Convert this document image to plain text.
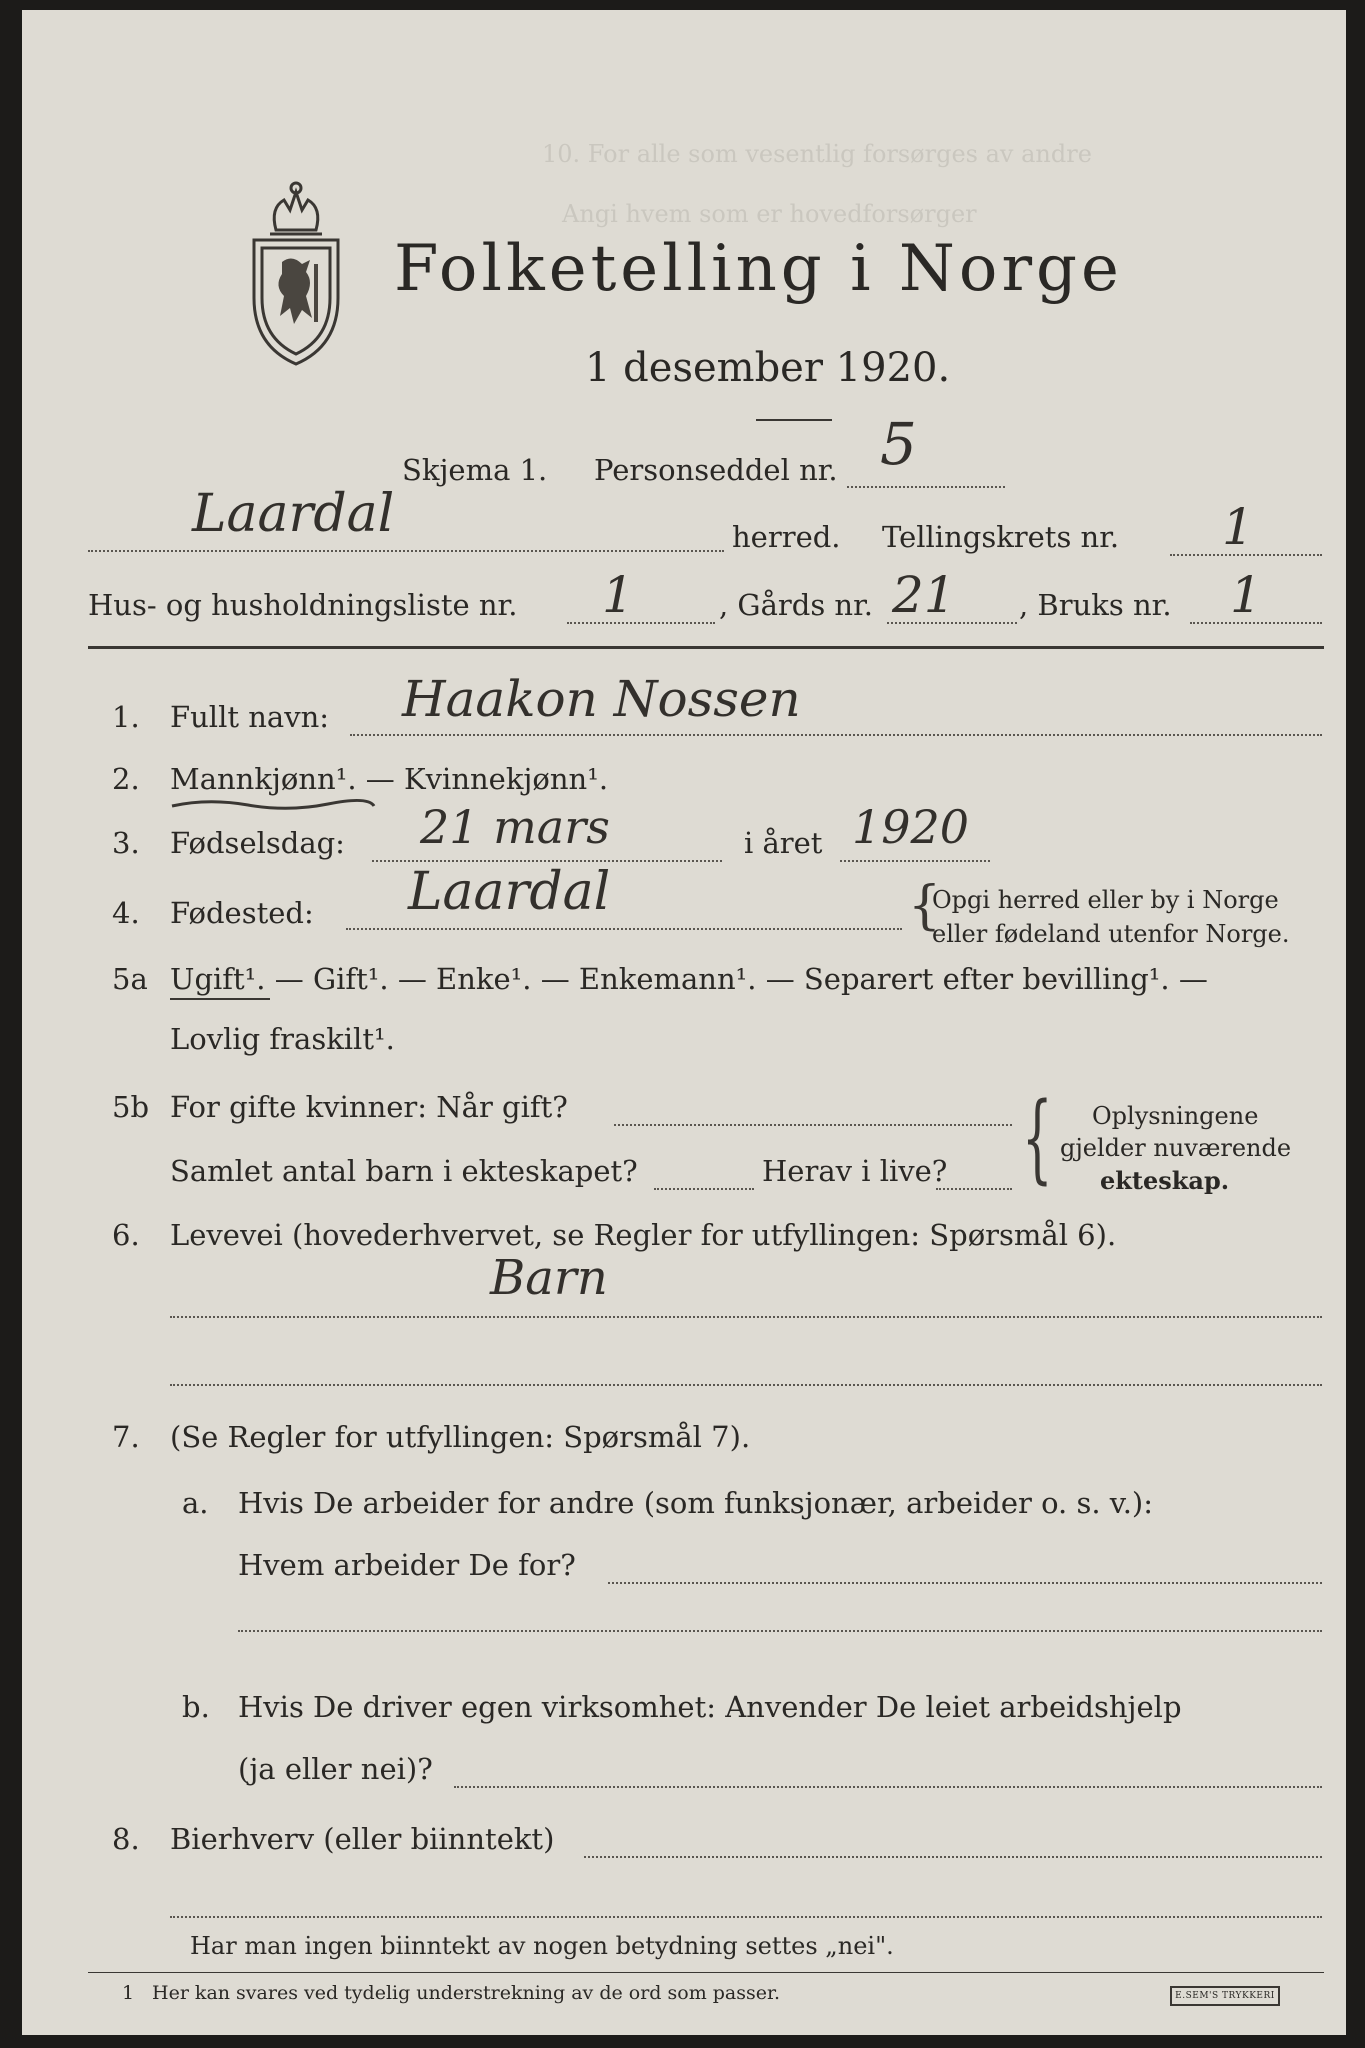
10. For alle som vesentlig forsørges av andre
Angi hvem som er hovedforsørger
Folketelling i Norge
1 desember 1920.
Skjema 1. Personseddel nr. 5
Laardal	herred. Tellingskrets nr. 1
Hus- og husholdningsliste nr. 1	, Gårds nr. 21 , Bruks nr. 1
1. Fullt navn: Haakon Nossen
2. Mannkjønn¹. — Kvinnekjønn¹.
3. Fødselsdag: 21 mars	i året 1920
4. Fødested: Laardal	{
Opgi herred eller by i Norge
eller fødeland utenfor Norge.
5a Ugift¹. — Gift¹. — Enke¹. — Enkemann¹. — Separert efter bevilling¹. —
Lovlig fraskilt¹.
5b For gifte kvinner: Når gift?
Samlet antal barn i ekteskapet?	Herav i live? { Oplysningene
gjelder nuværende
ekteskap.
6. Levevei (hovederhvervet, se Regler for utfyllingen: Spørsmål 6).
Barn
7. (Se Regler for utfyllingen: Spørsmål 7).
a. Hvis De arbeider for andre (som funksjonær, arbeider o. s. v.):
Hvem arbeider De for?
b. Hvis De driver egen virksomhet: Anvender De leiet arbeidshjelp
(ja eller nei)?
8. Bierhverv (eller biinntekt)
Har man ingen biinntekt av nogen betydning settes „nei".
1 Her kan svares ved tydelig understrekning av de ord som passer.	E.SEM'S TRYKKERI
